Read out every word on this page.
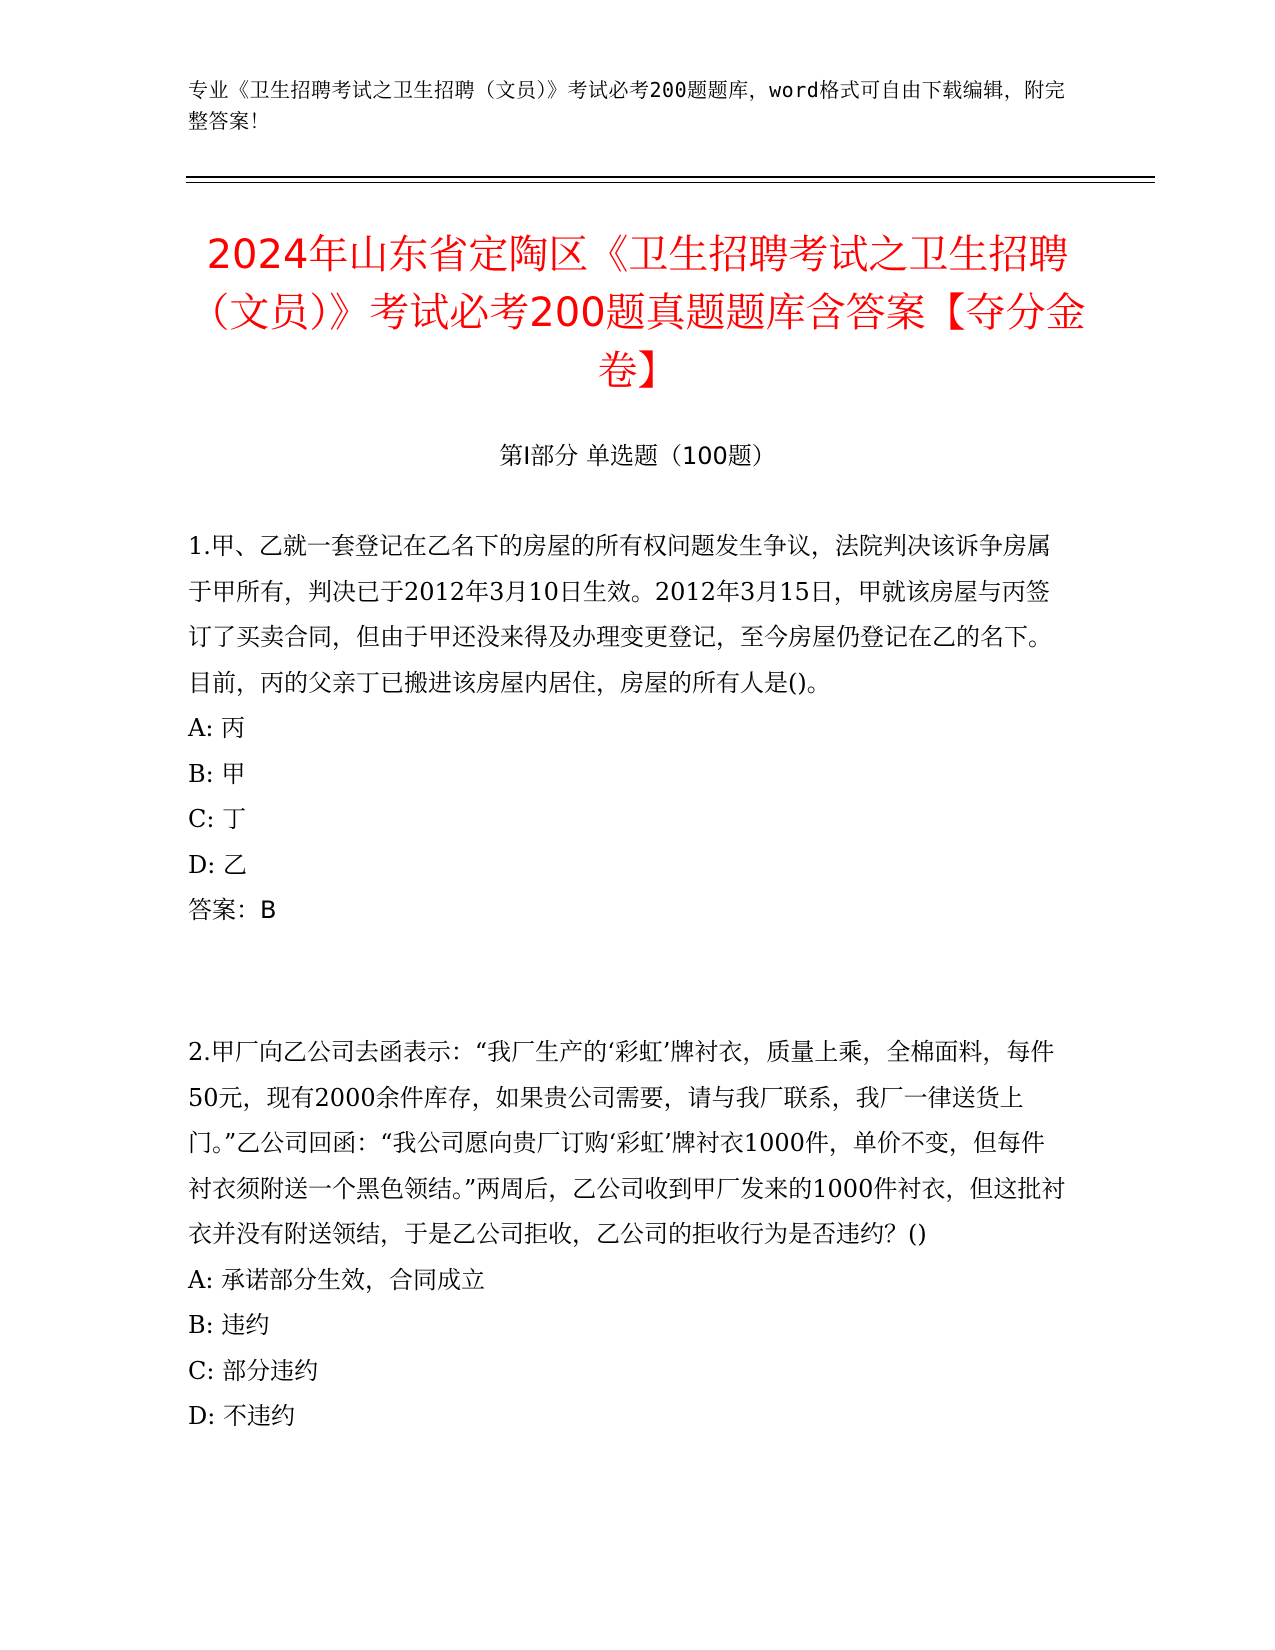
专业《卫生招聘考试之卫生招聘（文员）》考试必考200题题库，word格式可自由下载编辑，附完整答案！
2024年山东省定陶区《卫生招聘考试之卫生招聘（文员）》考试必考200题真题题库含答案【夺分金卷】
第I部分 单选题（100题）

1.甲、乙就一套登记在乙名下的房屋的所有权问题发生争议，法院判决该诉争房属于甲所有，判决已于2012年3月10日生效。2012年3月15日，甲就该房屋与丙签订了买卖合同，但由于甲还没来得及办理变更登记，至今房屋仍登记在乙的名下。目前，丙的父亲丁已搬进该房屋内居住，房屋的所有人是()。

A: 丙

B: 甲

C: 丁

D: 乙

答案：B

2.甲厂向乙公司去函表示：“我厂生产的‘彩虹’牌衬衣，质量上乘，全棉面料，每件50元，现有2000余件库存，如果贵公司需要，请与我厂联系，我厂一律送货上门。”乙公司回函：“我公司愿向贵厂订购‘彩虹’牌衬衣1000件，单价不变，但每件衬衣须附送一个黑色领结。”两周后，乙公司收到甲厂发来的1000件衬衣，但这批衬衣并没有附送领结，于是乙公司拒收，乙公司的拒收行为是否违约？()

A: 承诺部分生效，合同成立

B: 违约

C: 部分违约

D: 不违约
